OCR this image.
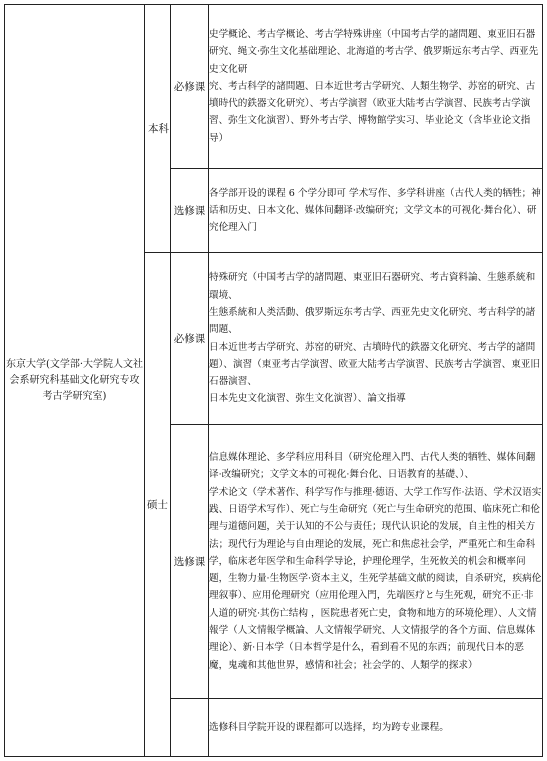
东京大学(文学部·大学院人文社会系研究科基础文化研究专攻考古学研究室)	本科	必修课	史学概论、考古学概论、考古学特殊讲座（中国考古学的諸問題、東亚旧石器研究、绳文·弥生文化基础理论、北海道的考古学、俄罗斯远东考古学、西亚先史文化研

究、考古科学的諸問題、日本近世考古学研究、人類生物学、苏窑的研究、古墳時代的鉄器文化研究）、考古学演習（欧亚大陆考古学演習、民族考古学演習、弥生文化演習）、野外考古学、博物館学实习、毕业论文（含毕业论文指导）

		选修课	各学部开设的课程 6 个学分即可 学术写作、多学科讲座（古代人类的牺牲；神话和历史、日本文化、媒体间翻译·改编研究；文学文本的可视化·舞台化）、研究伦理入门

	硕士	必修课	特殊研究（中国考古学的諸問題、東亚旧石器研究、考古資料論、生態系統和環境、

生態系統和人类活動、俄罗斯远东考古学、西亚先史文化研究、考古科学的諸問題、

日本近世考古学研究、苏窑的研究、古墳時代的鉄器文化研究、考古学的諸問題）、演習（東亚考古学演習、欧亚大陆考古学演習、民族考古学演習、東亚旧石器演習、

日本先史文化演習、弥生文化演習）、論文指導

		选修课	信息媒体理论、多学科应用科目（研究伦理入門、古代人类的牺牲、媒体间翻译·改编研究；文学文本的可视化·舞台化、日语教育的基礎、）、

学术论文（学术著作、科学写作与推理·德语、大学工作写作·法语、学术汉语实践、日语学术写作）、死亡与生命研究（死亡与生命研究的范围、临床死亡和伦理与道德问题，关于认知的不公与责任；现代认识论的发展，自主性的相关方法；现代行为理论与自由理论的发展，死亡和焦虑社会学，严重死亡和生命科学，临床老年医学和生命科学导论，护理伦理学，生死攸关的机会和概率问题，生物力量·生物医学·资本主义，生死学基础文献的阅读，自杀研究，疾病伦理叙事）、应用伦理研究（应用伦理入門，先端医疗と与生死观，研究不正·非人道的研究·其伤亡结构 ，医院患者死亡史，食物和地方的环境伦理）、人文情報学（人文情報学概論、人文情報学研究、人文情报学的各个方面、信息媒体理论）、新·日本学（日本哲学是什么，看到看不见的东西；前现代日本的恶魔，鬼魂和其他世界，感情和社会；社会学的、人類学的探求）

			选修科目学院开设的课程都可以选择，均为跨专业课程。
